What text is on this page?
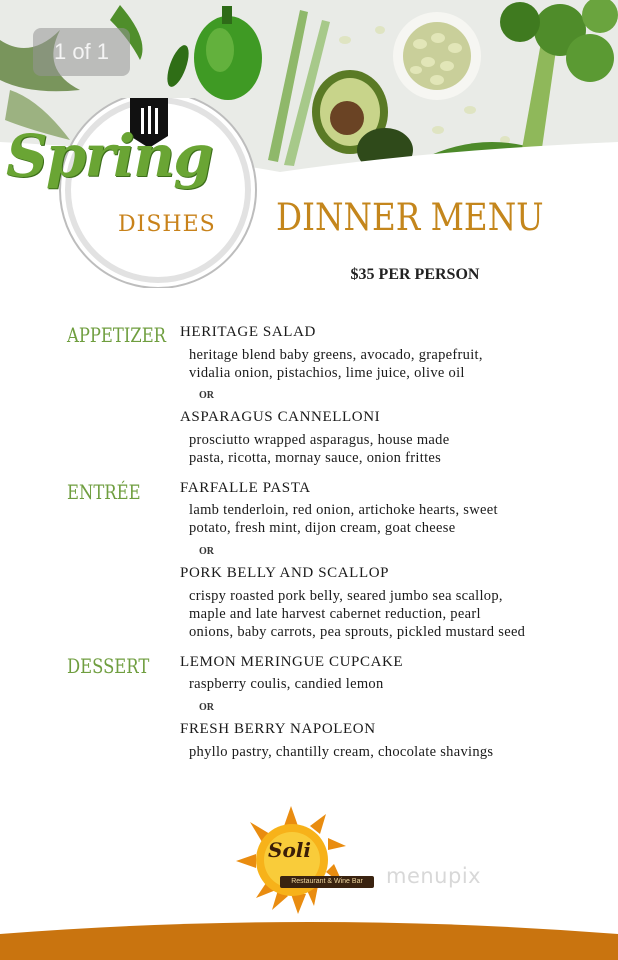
1 of 1
Spring
DISHES DINNER MENU
$35 PER PERSON
APPETIZER HERITAGE SALAD
heritage blend baby greens, avocado, grapefruit,
vidalia onion, pistachios, lime juice, olive oil
OR
ASPARAGUS CANNELLONI
prosciutto wrapped asparagus, house made
pasta, ricotta, mornay sauce, onion frittes
ENTRÉE	FARFALLE PASTA
lamb tenderloin, red onion, artichoke hearts, sweet
potato, fresh mint, dijon cream, goat cheese
OR
PORK BELLY AND SCALLOP
crispy roasted pork belly, seared jumbo sea scallop,
maple and late harvest cabernet reduction, pearl
onions, baby carrots, pea sprouts, pickled mustard seed
DESSERT LEMON MERINGUE CUPCAKE
raspberry coulis, candied lemon
OR
FRESH BERRY NAPOLEON
phyllo pastry, chantilly cream, chocolate shavings
Soli
Restaurant & Wine Bar	menupix
